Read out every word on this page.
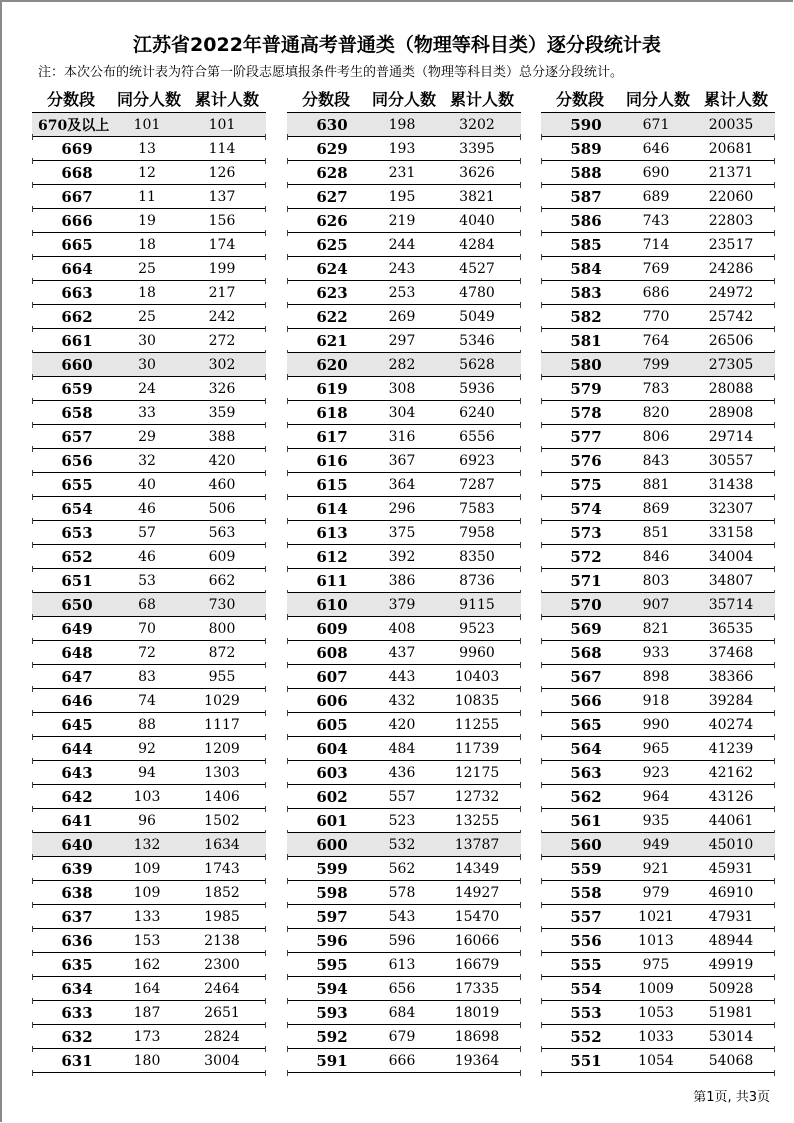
江苏省2022年普通高考普通类（物理等科目类）逐分段统计表
注：本次公布的统计表为符合第一阶段志愿填报条件考生的普通类（物理等科目类）总分逐分段统计。
分数段	同分人数 累计人数
670及以上	101	101
669	13	114
668	12	126
667	11	137
666	19	156
665	18	174
664	25	199
663	18	217
662	25	242
661	30	272
660	30	302
659	24	326
658	33	359
657	29	388
656	32	420
655	40	460
654	46	506
653	57	563
652	46	609
651	53	662
650	68	730
649	70	800
648	72	872
647	83	955
646	74	1029
645	88	1117
644	92	1209
643	94	1303
642	103	1406
641	96	1502
640	132	1634
639	109	1743
638	109	1852
637	133	1985
636	153	2138
635	162	2300
634	164	2464
633	187	2651
632	173	2824
631	180	3004
分数段	同分人数 累计人数
630	198	3202
629	193	3395
628	231	3626
627	195	3821
626	219	4040
625	244	4284
624	243	4527
623	253	4780
622	269	5049
621	297	5346
620	282	5628
619	308	5936
618	304	6240
617	316	6556
616	367	6923
615	364	7287
614	296	7583
613	375	7958
612	392	8350
611	386	8736
610	379	9115
609	408	9523
608	437	9960
607	443	10403
606	432	10835
605	420	11255
604	484	11739
603	436	12175
602	557	12732
601	523	13255
600	532	13787
599	562	14349
598	578	14927
597	543	15470
596	596	16066
595	613	16679
594	656	17335
593	684	18019
592	679	18698
591	666	19364
分数段	同分人数 累计人数
590	671	20035
589	646	20681
588	690	21371
587	689	22060
586	743	22803
585	714	23517
584	769	24286
583	686	24972
582	770	25742
581	764	26506
580	799	27305
579	783	28088
578	820	28908
577	806	29714
576	843	30557
575	881	31438
574	869	32307
573	851	33158
572	846	34004
571	803	34807
570	907	35714
569	821	36535
568	933	37468
567	898	38366
566	918	39284
565	990	40274
564	965	41239
563	923	42162
562	964	43126
561	935	44061
560	949	45010
559	921	45931
558	979	46910
557	1021	47931
556	1013	48944
555	975	49919
554	1009	50928
553	1053	51981
552	1033	53014
551	1054	54068
第1页, 共3页
